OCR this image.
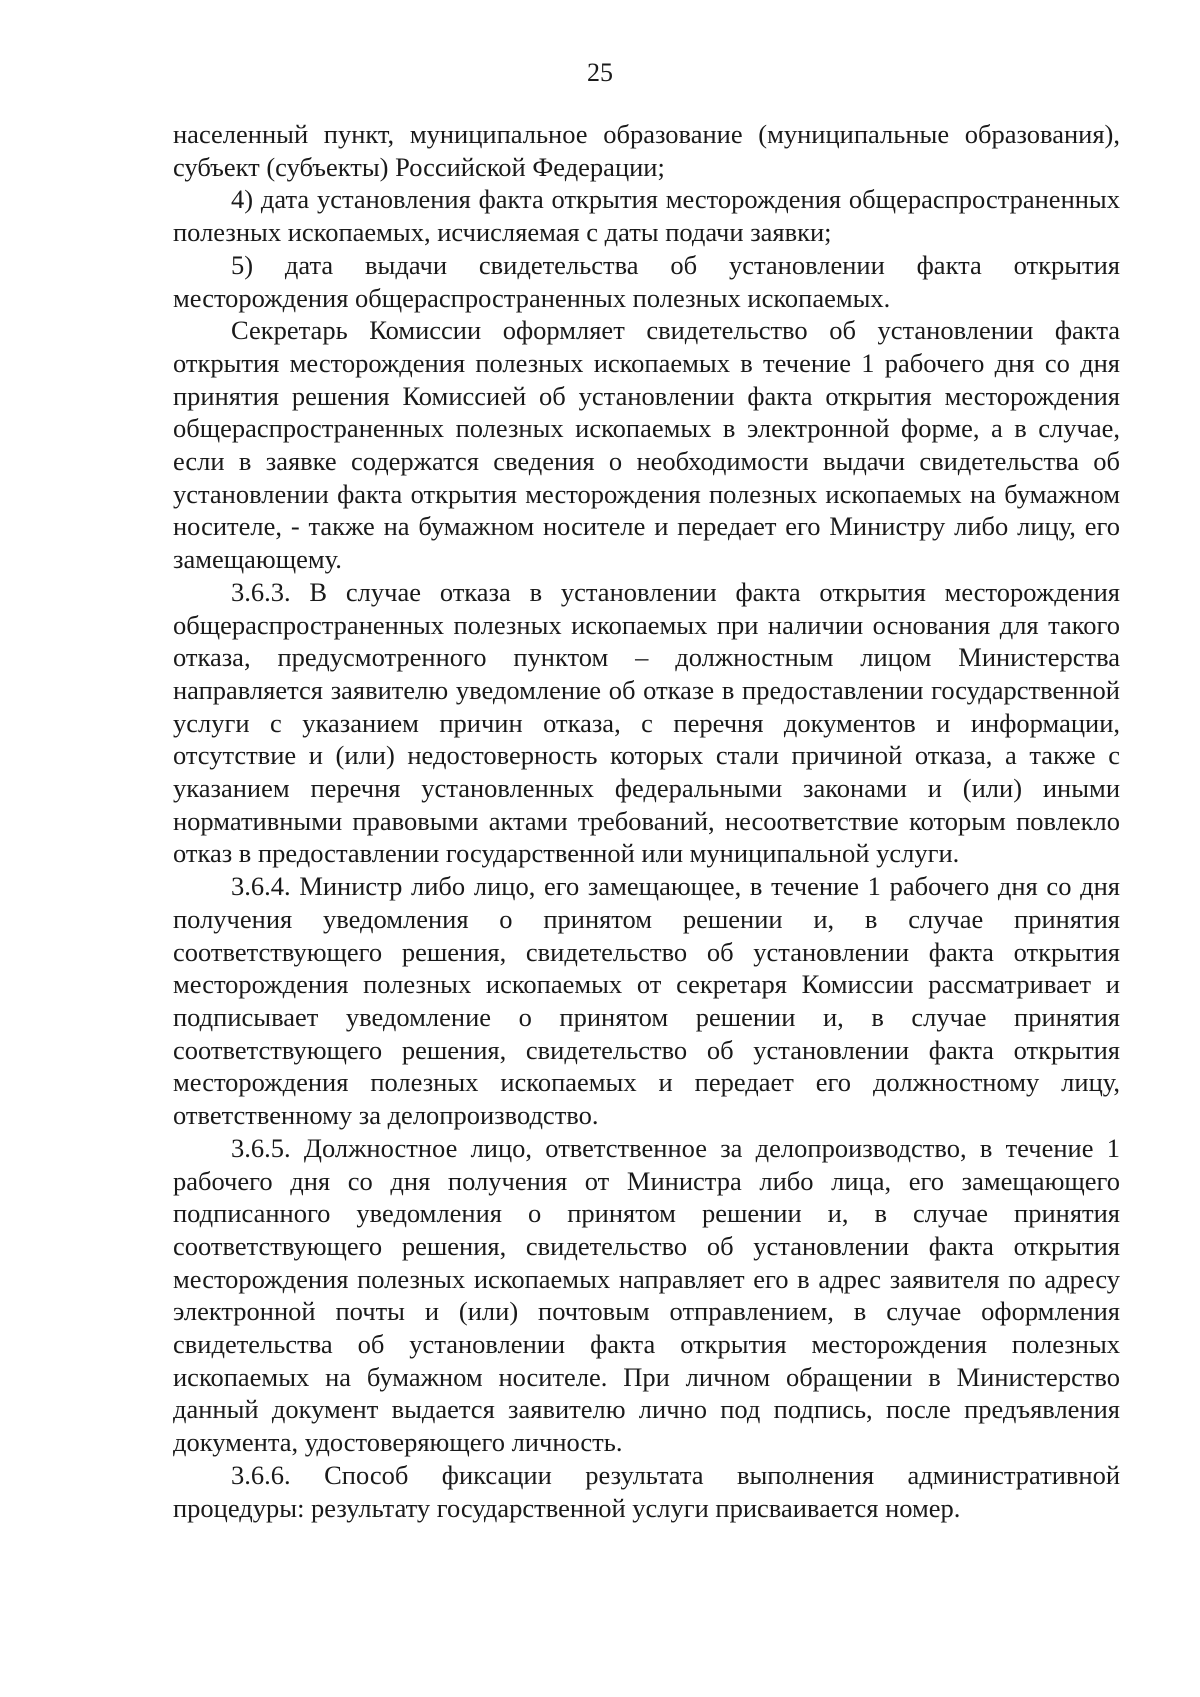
25

населенный пункт, муниципальное образование (муниципальные образования), субъект (субъекты) Российской Федерации;

4) дата установления факта открытия месторождения общераспространенных полезных ископаемых, исчисляемая с даты подачи заявки;

5) дата выдачи свидетельства об установлении факта открытия месторождения общераспространенных полезных ископаемых.

Секретарь Комиссии оформляет свидетельство об установлении факта открытия месторождения полезных ископаемых в течение 1 рабочего дня со дня принятия решения Комиссией об установлении факта открытия месторождения общераспространенных полезных ископаемых в электронной форме, а в случае, если в заявке содержатся сведения о необходимости выдачи свидетельства об установлении факта открытия месторождения полезных ископаемых на бумажном носителе, - также на бумажном носителе и передает его Министру либо лицу, его замещающему.

3.6.3. В случае отказа в установлении факта открытия месторождения общераспространенных полезных ископаемых при наличии основания для такого отказа, предусмотренного пунктом – должностным лицом Министерства направляется заявителю уведомление об отказе в предоставлении государственной услуги с указанием причин отказа, с перечня документов и информации, отсутствие и (или) недостоверность которых стали причиной отказа, а также с указанием перечня установленных федеральными законами и (или) иными нормативными правовыми актами требований, несоответствие которым повлекло отказ в предоставлении государственной или муниципальной услуги.

3.6.4. Министр либо лицо, его замещающее, в течение 1 рабочего дня со дня получения уведомления о принятом решении и, в случае принятия соответствующего решения, свидетельство об установлении факта открытия месторождения полезных ископаемых от секретаря Комиссии рассматривает и подписывает уведомление о принятом решении и, в случае принятия соответствующего решения, свидетельство об установлении факта открытия месторождения полезных ископаемых и передает его должностному лицу, ответственному за делопроизводство.

3.6.5. Должностное лицо, ответственное за делопроизводство, в течение 1 рабочего дня со дня получения от Министра либо лица, его замещающего подписанного уведомления о принятом решении и, в случае принятия соответствующего решения, свидетельство об установлении факта открытия месторождения полезных ископаемых направляет его в адрес заявителя по адресу электронной почты и (или) почтовым отправлением, в случае оформления свидетельства об установлении факта открытия месторождения полезных ископаемых на бумажном носителе. При личном обращении в Министерство данный документ выдается заявителю лично под подпись, после предъявления документа, удостоверяющего личность.

3.6.6. Способ фиксации результата выполнения административной процедуры: результату государственной услуги присваивается номер.
